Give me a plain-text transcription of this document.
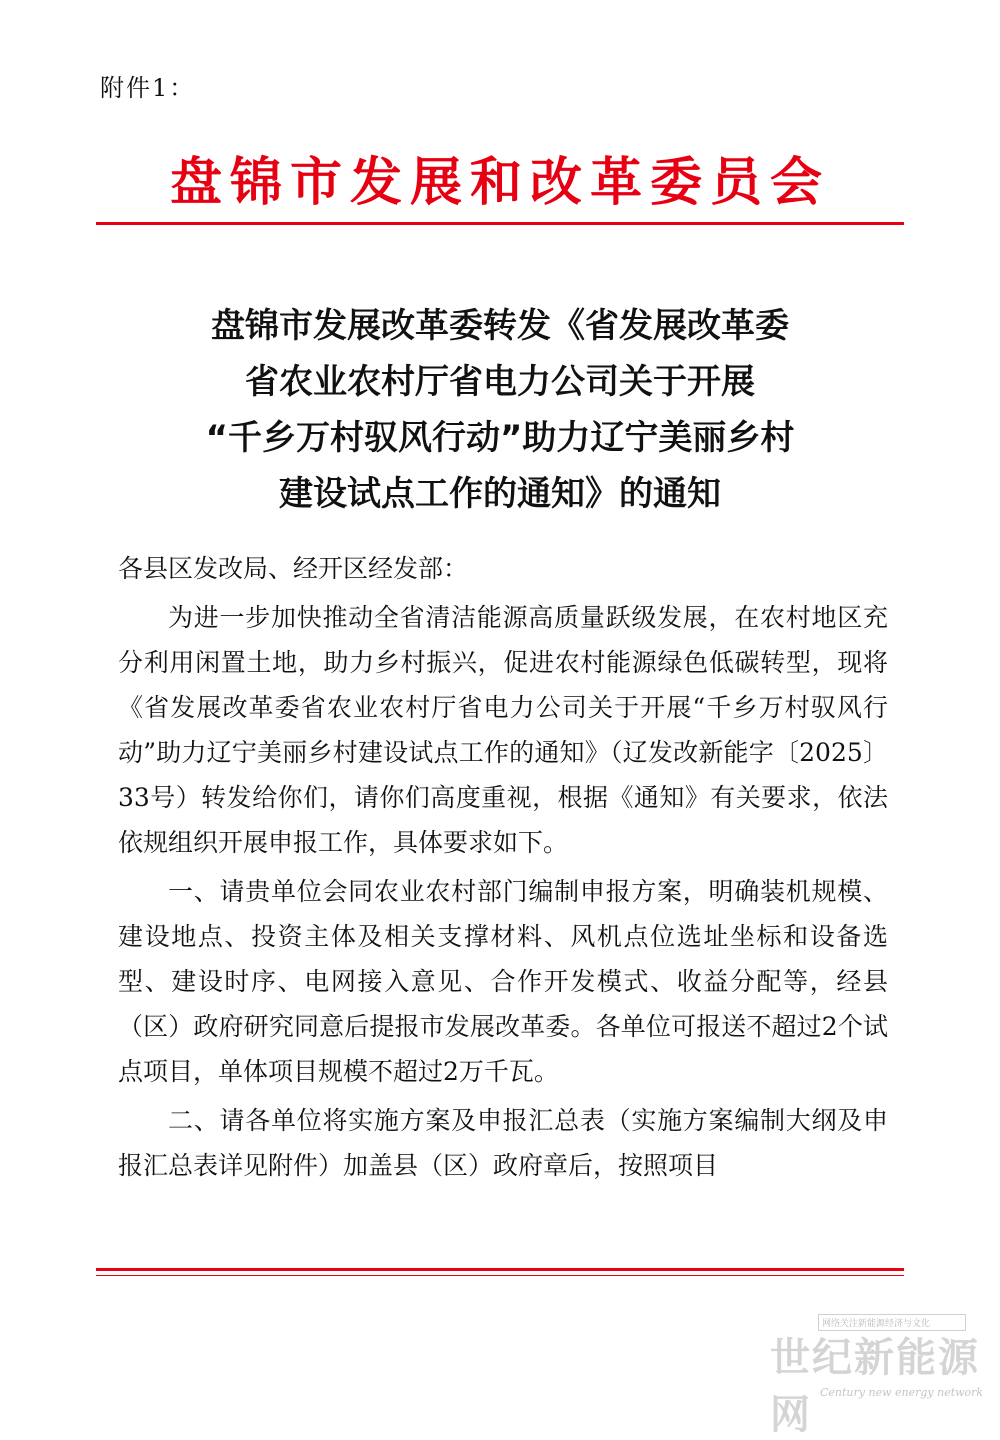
附件1：
盘锦市发展和改革委员会
盘锦市发展改革委转发《省发展改革委
省农业农村厅省电力公司关于开展
“千乡万村驭风行动”助力辽宁美丽乡村
建设试点工作的通知》的通知

各县区发改局、经开区经发部：

为进一步加快推动全省清洁能源高质量跃级发展，在农村地区充分利用闲置土地，助力乡村振兴，促进农村能源绿色低碳转型，现将《省发展改革委省农业农村厅省电力公司关于开展“千乡万村驭风行动”助力辽宁美丽乡村建设试点工作的通知》（辽发改新能字〔2025〕33号）转发给你们，请你们高度重视，根据《通知》有关要求，依法依规组织开展申报工作，具体要求如下。

一、请贵单位会同农业农村部门编制申报方案，明确装机规模、建设地点、投资主体及相关支撑材料、风机点位选址坐标和设备选型、建设时序、电网接入意见、合作开发模式、收益分配等，经县（区）政府研究同意后提报市发展改革委。各单位可报送不超过2个试点项目，单体项目规模不超过2万千瓦。

二、请各单位将实施方案及申报汇总表（实施方案编制大纲及申报汇总表详见附件）加盖县（区）政府章后，按照项目

网络关注新能源经济与文化
世纪新能源网 Century new energy network
